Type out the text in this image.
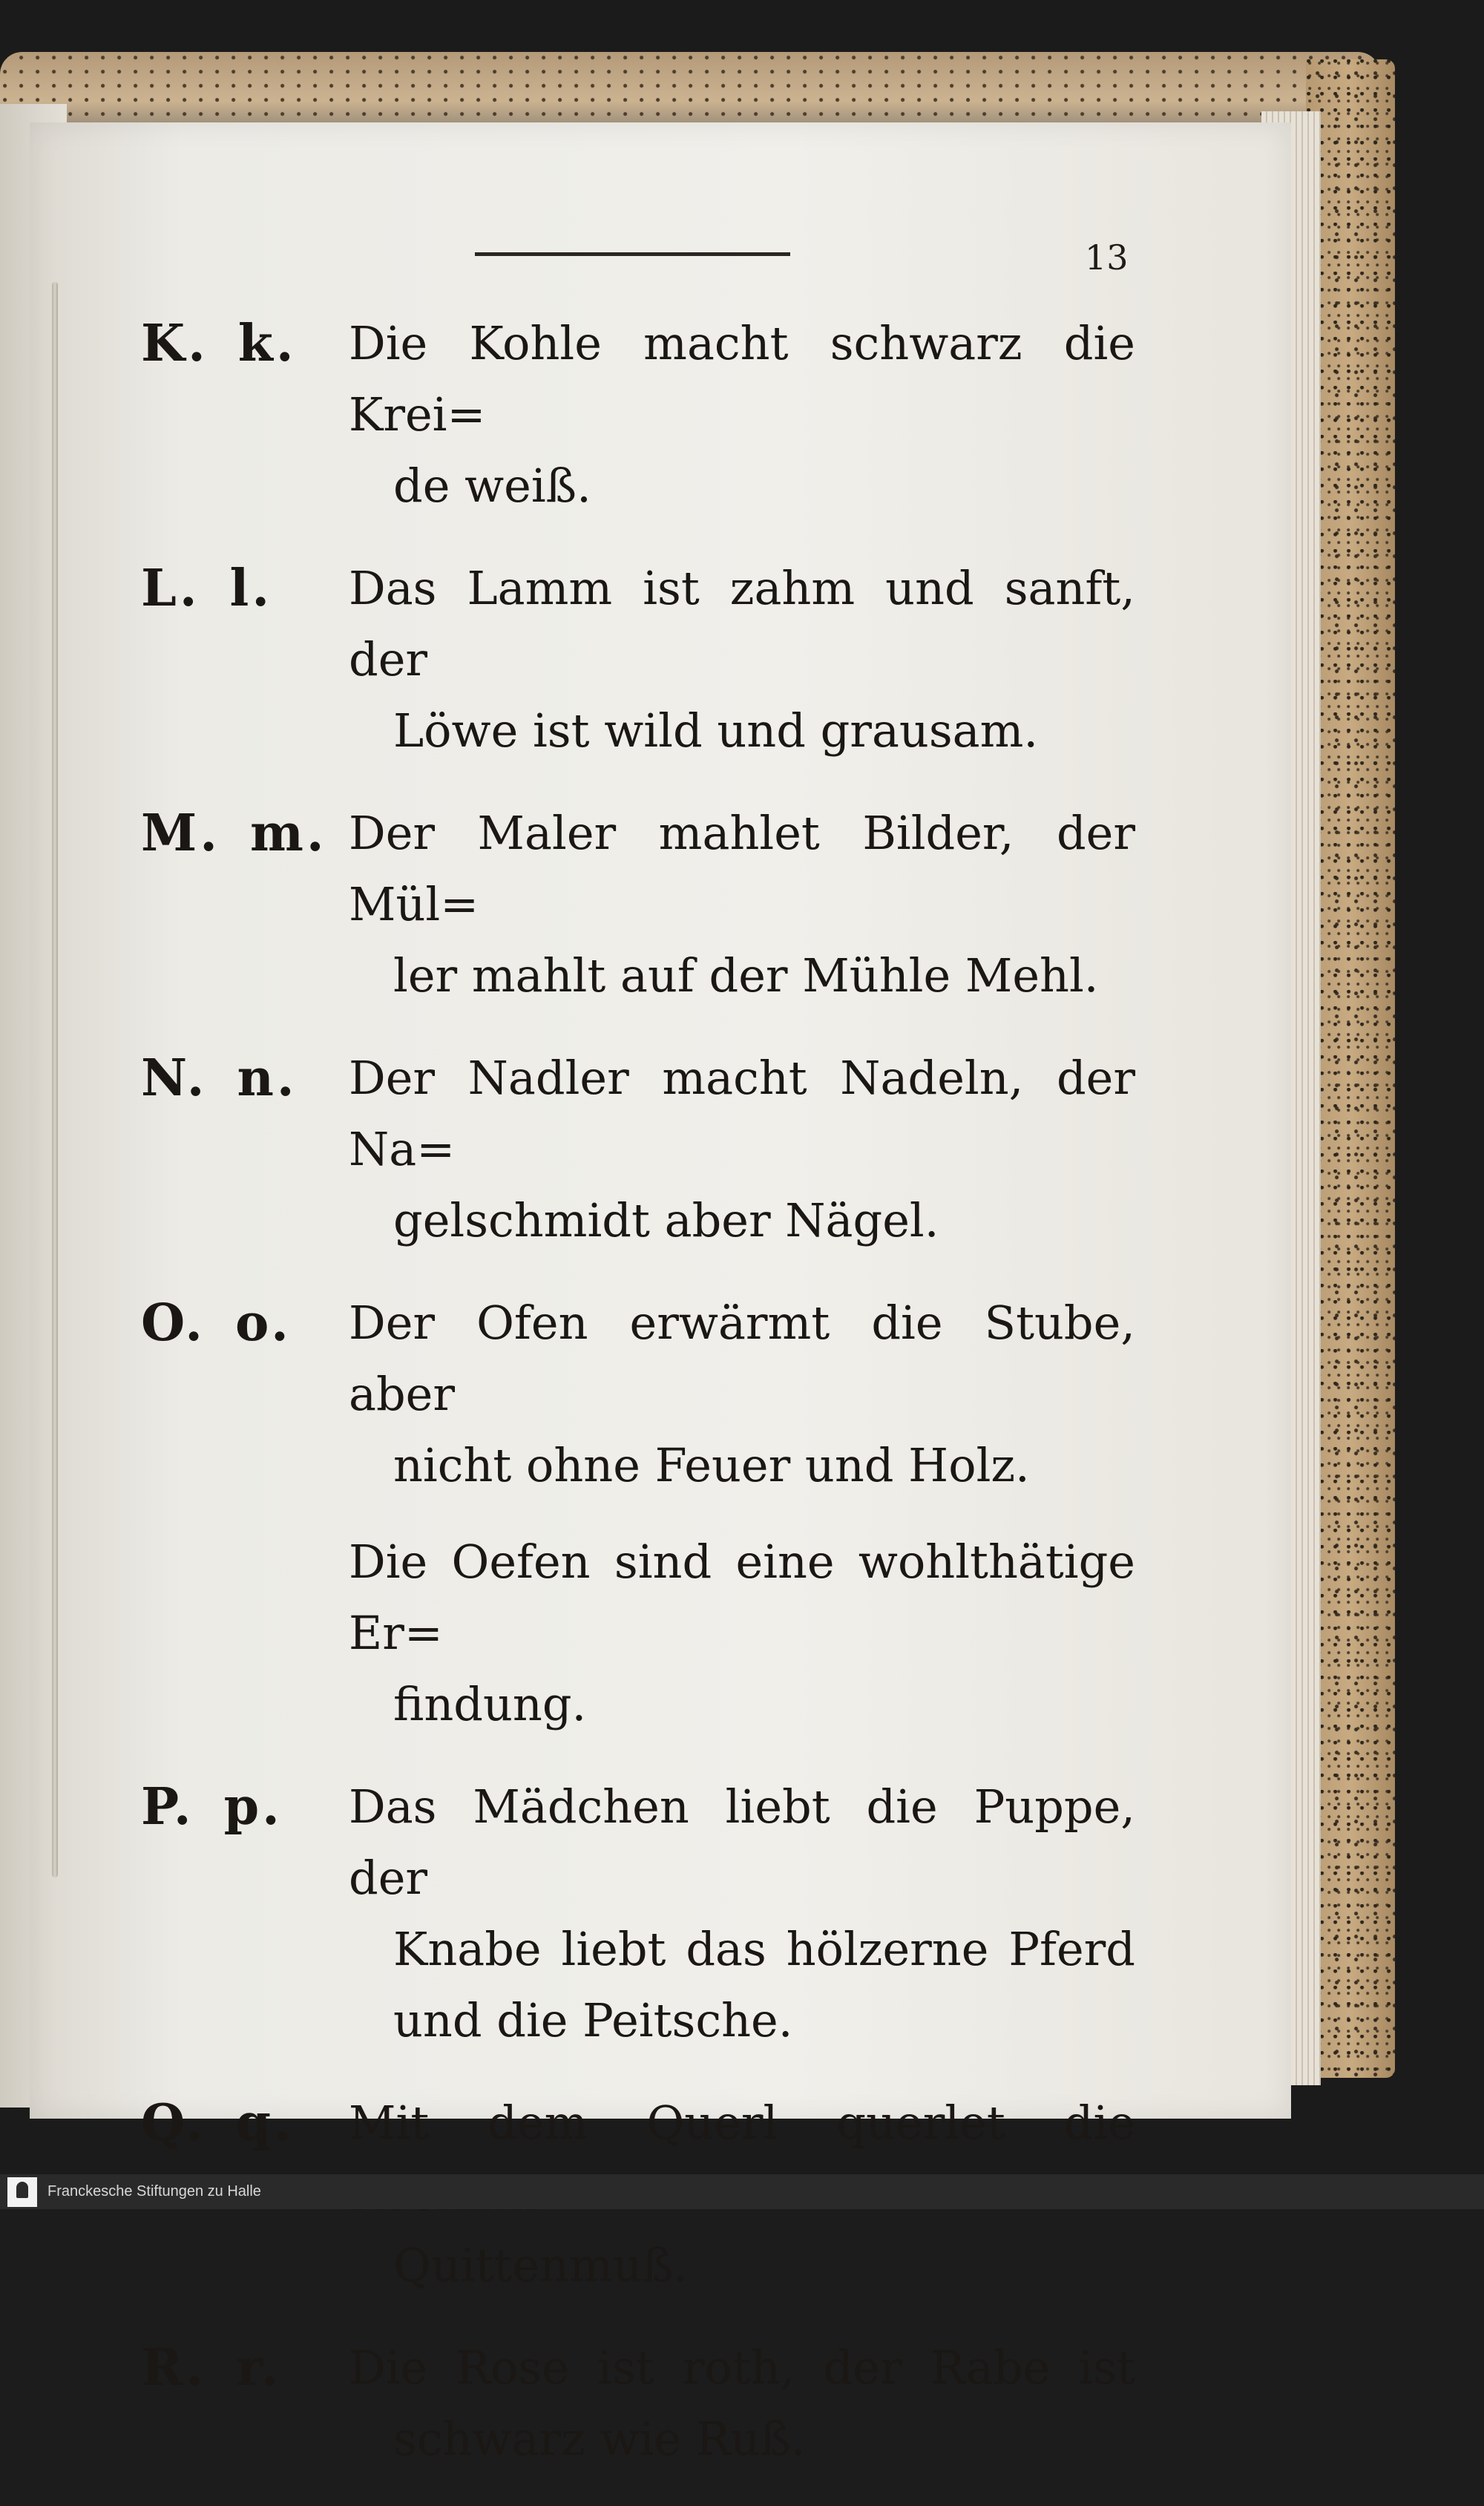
13
K. k.	Die Kohle macht schwarz die Krei=
de weiß.
L. l.	Das Lamm ist zahm und sanft, der
Löwe ist wild und grausam.
M. m. Der Maler mahlet Bilder, der Mül=
ler mahlt auf der Mühle Mehl.
N. n.	Der Nadler macht Nadeln, der Na=
gelschmidt aber Nägel.
O. o.	Der Ofen erwärmt die Stube, aber
nicht ohne Feuer und Holz.
Die Oefen sind eine wohlthätige Er=
findung.
P. p.	Das Mädchen liebt die Puppe, der
Knabe liebt das hölzerne Pferd
und die Peitsche.
Q. q.	Mit dem Querl querlet die
Quittenmuß.
R. r.	Die Rose ist roth, der Rabe ist
schwarz wie Ruß.
Franckesche Stiftungen zu Halle
